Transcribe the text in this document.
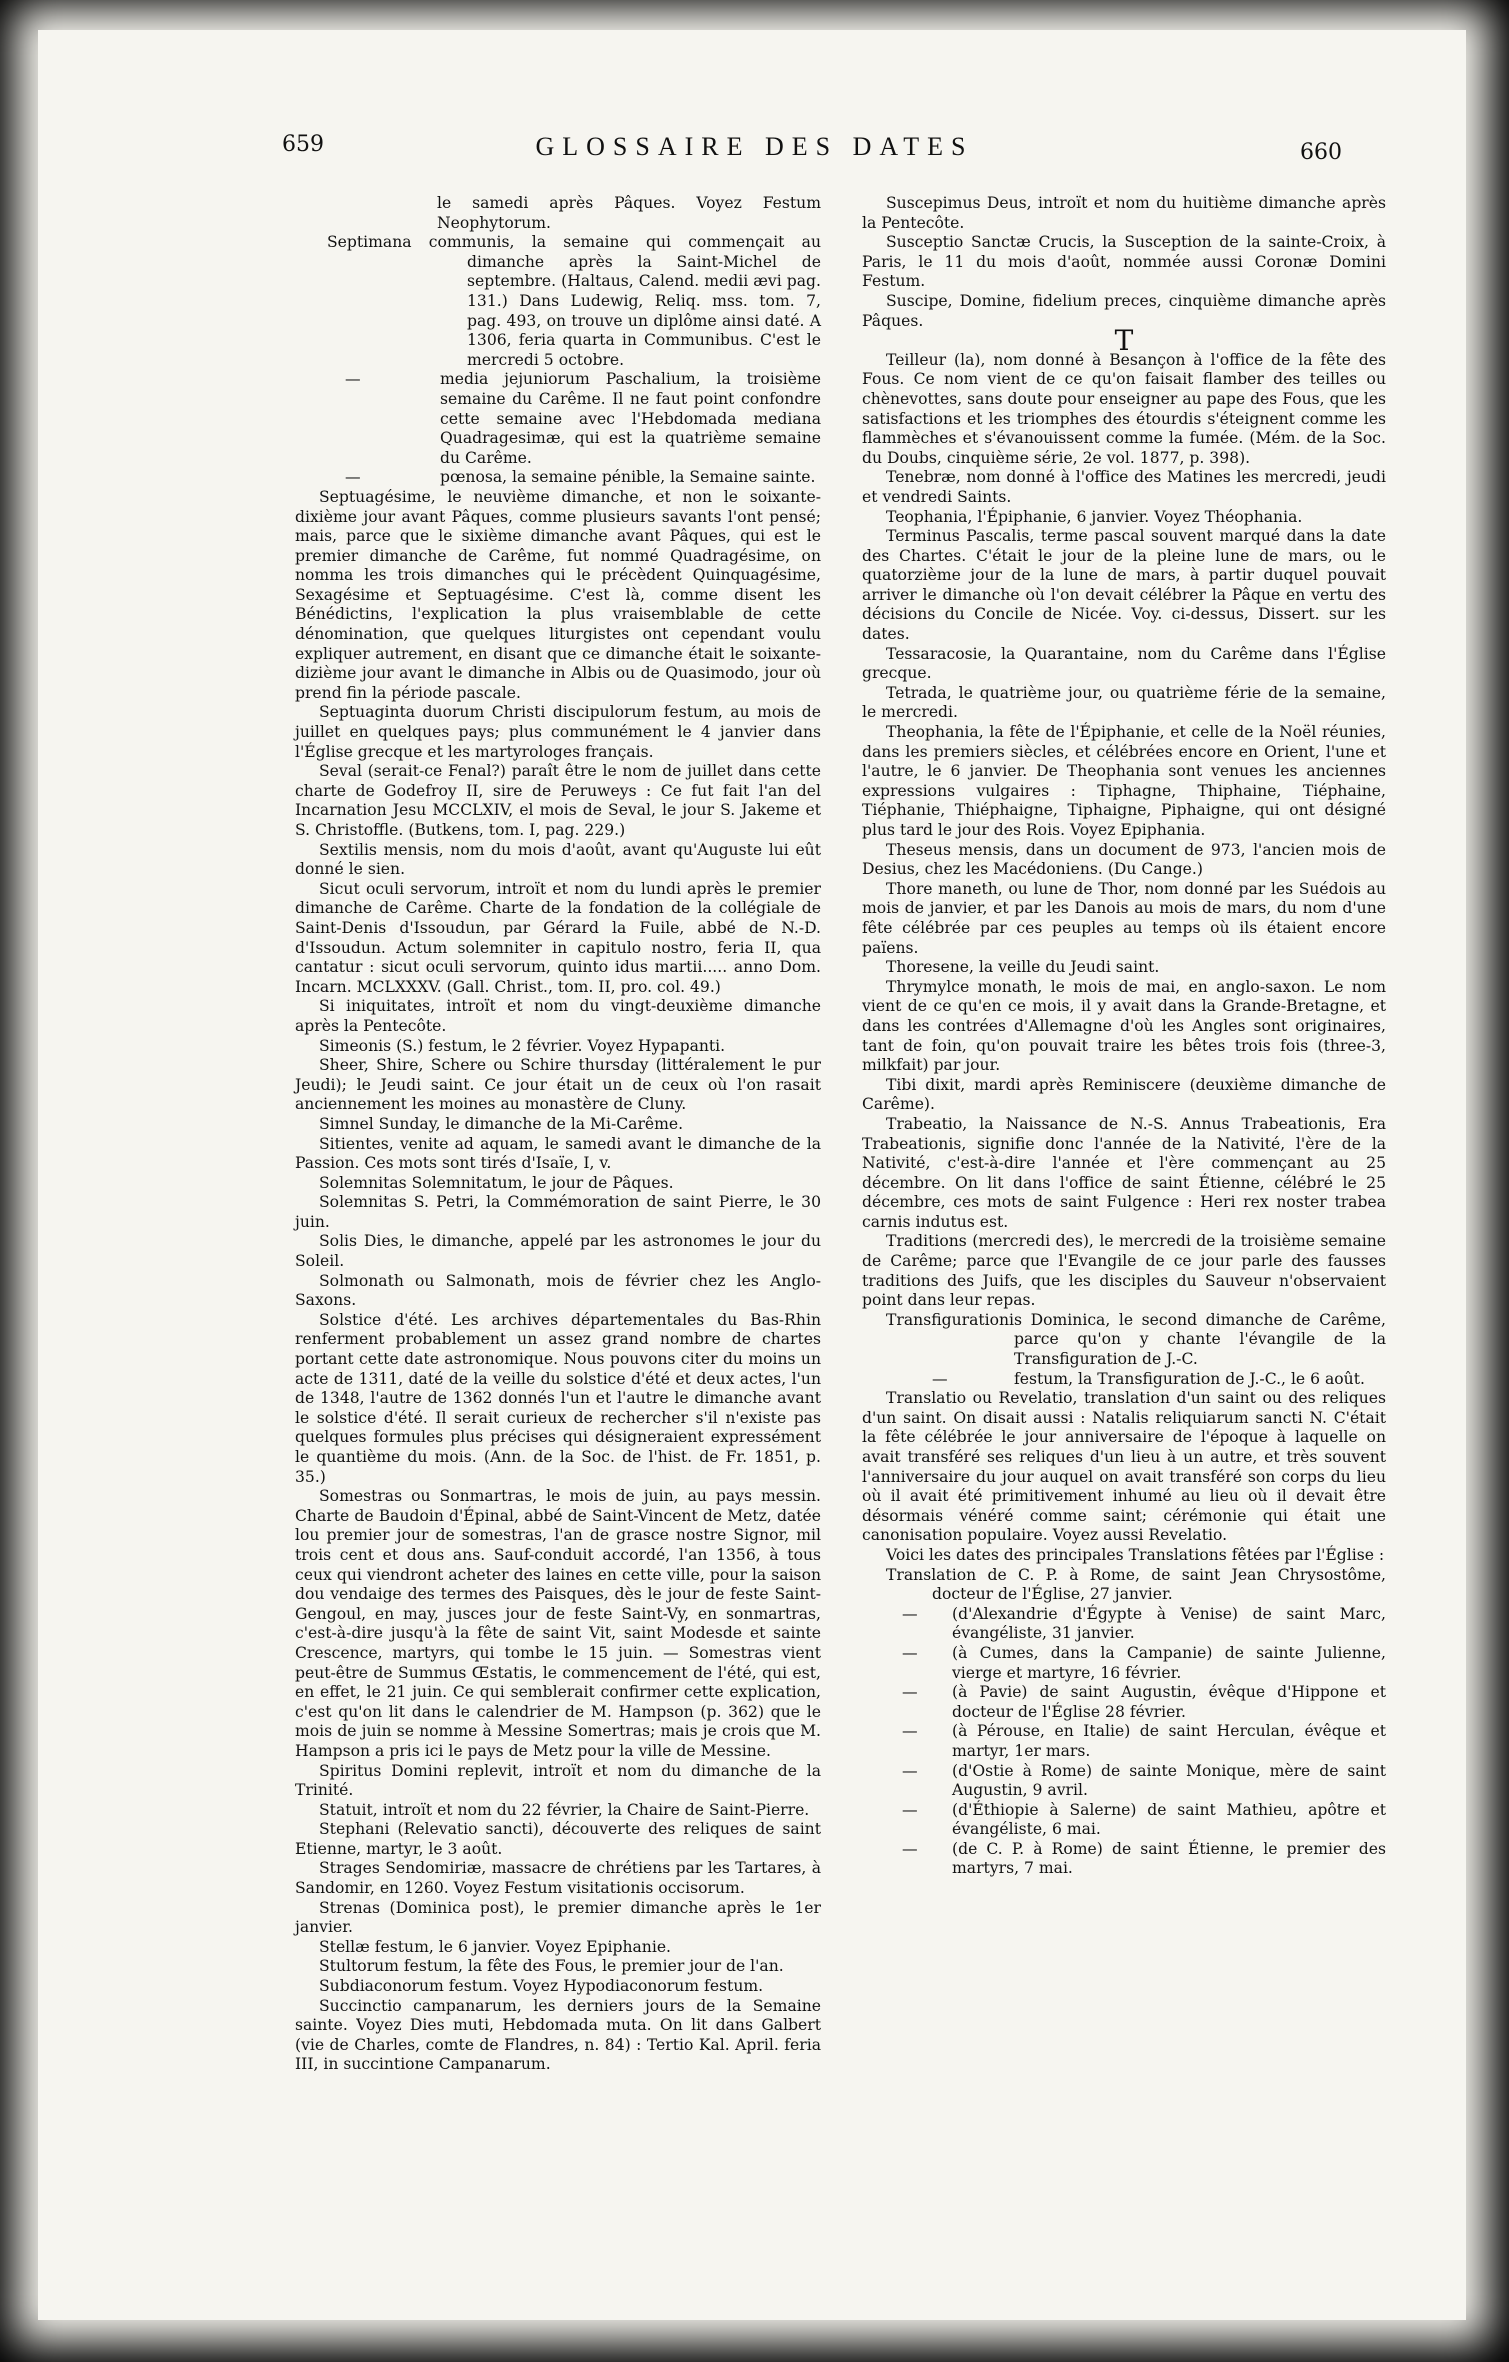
659	GLOSSAIRE DES DATES	660

le samedi après Pâques. Voyez Festum Neophytorum.

Septimana communis, la semaine qui commençait au dimanche après la Saint-Michel de septembre. (Haltaus, Calend. medii ævi pag. 131.) Dans Ludewig, Reliq. mss. tom. 7, pag. 493, on trouve un diplôme ainsi daté. A 1306, feria quarta in Communibus. C'est le mercredi 5 octobre.

—	media jejuniorum Paschalium, la troisième semaine du Carême. Il ne faut point confondre cette semaine avec l'Hebdomada mediana Quadragesimæ, qui est la quatrième semaine du Carême.

—	pœnosa, la semaine pénible, la Semaine sainte.

Septuagésime, le neuvième dimanche, et non le soixante-dixième jour avant Pâques, comme plusieurs savants l'ont pensé; mais, parce que le sixième dimanche avant Pâques, qui est le premier dimanche de Carême, fut nommé Quadragésime, on nomma les trois dimanches qui le précèdent Quinquagésime, Sexagésime et Septuagésime. C'est là, comme disent les Bénédictins, l'explication la plus vraisemblable de cette dénomination, que quelques liturgistes ont cependant voulu expliquer autrement, en disant que ce dimanche était le soixante-dizième jour avant le dimanche in Albis ou de Quasimodo, jour où prend fin la période pascale.

Septuaginta duorum Christi discipulorum festum, au mois de juillet en quelques pays; plus communément le 4 janvier dans l'Église grecque et les martyrologes français.

Seval (serait-ce Fenal?) paraît être le nom de juillet dans cette charte de Godefroy II, sire de Peruweys : Ce fut fait l'an del Incarnation Jesu MCCLXIV, el mois de Seval, le jour S. Jakeme et S. Christoffle. (Butkens, tom. I, pag. 229.)

Sextilis mensis, nom du mois d'août, avant qu'Auguste lui eût donné le sien.

Sicut oculi servorum, introït et nom du lundi après le premier dimanche de Carême. Charte de la fondation de la collégiale de Saint-Denis d'Issoudun, par Gérard la Fuile, abbé de N.-D. d'Issoudun. Actum solemniter in capitulo nostro, feria II, qua cantatur : sicut oculi servorum, quinto idus martii..... anno Dom. Incarn. MCLXXXV. (Gall. Christ., tom. II, pro. col. 49.)

Si iniquitates, introït et nom du vingt-deuxième dimanche après la Pentecôte.

Simeonis (S.) festum, le 2 février. Voyez Hypapanti.

Sheer, Shire, Schere ou Schire thursday (littéralement le pur Jeudi); le Jeudi saint. Ce jour était un de ceux où l'on rasait anciennement les moines au monastère de Cluny.

Simnel Sunday, le dimanche de la Mi-Carême.

Sitientes, venite ad aquam, le samedi avant le dimanche de la Passion. Ces mots sont tirés d'Isaïe, I, v.

Solemnitas Solemnitatum, le jour de Pâques.

Solemnitas S. Petri, la Commémoration de saint Pierre, le 30 juin.

Solis Dies, le dimanche, appelé par les astronomes le jour du Soleil.

Solmonath ou Salmonath, mois de février chez les Anglo-Saxons.

Solstice d'été. Les archives départementales du Bas-Rhin renferment probablement un assez grand nombre de chartes portant cette date astronomique. Nous pouvons citer du moins un acte de 1311, daté de la veille du solstice d'été et deux actes, l'un de 1348, l'autre de 1362 donnés l'un et l'autre le dimanche avant le solstice d'été. Il serait curieux de rechercher s'il n'existe pas quelques formules plus précises qui désigneraient expressément le quantième du mois. (Ann. de la Soc. de l'hist. de Fr. 1851, p. 35.)

Somestras ou Sonmartras, le mois de juin, au pays messin. Charte de Baudoin d'Épinal, abbé de Saint-Vincent de Metz, datée lou premier jour de somestras, l'an de grasce nostre Signor, mil trois cent et dous ans. Sauf-conduit accordé, l'an 1356, à tous ceux qui viendront acheter des laines en cette ville, pour la saison dou vendaige des termes des Paisques, dès le jour de feste Saint-Gengoul, en may, jusces jour de feste Saint-Vy, en sonmartras, c'est-à-dire jusqu'à la fête de saint Vit, saint Modesde et sainte Crescence, martyrs, qui tombe le 15 juin. — Somestras vient peut-être de Summus Œstatis, le commencement de l'été, qui est, en effet, le 21 juin. Ce qui semblerait confirmer cette explication, c'est qu'on lit dans le calendrier de M. Hampson (p. 362) que le mois de juin se nomme à Messine Somertras; mais je crois que M. Hampson a pris ici le pays de Metz pour la ville de Messine.

Spiritus Domini replevit, introït et nom du dimanche de la Trinité.

Statuit, introït et nom du 22 février, la Chaire de Saint-Pierre.

Stephani (Relevatio sancti), découverte des reliques de saint Etienne, martyr, le 3 août.

Strages Sendomiriæ, massacre de chrétiens par les Tartares, à Sandomir, en 1260. Voyez Festum visitationis occisorum.

Strenas (Dominica post), le premier dimanche après le 1er janvier.

Stellæ festum, le 6 janvier. Voyez Epiphanie.

Stultorum festum, la fête des Fous, le premier jour de l'an.

Subdiaconorum festum. Voyez Hypodiaconorum festum.

Succinctio campanarum, les derniers jours de la Semaine sainte. Voyez Dies muti, Hebdomada muta. On lit dans Galbert (vie de Charles, comte de Flandres, n. 84) : Tertio Kal. April. feria III, in succintione Campanarum.

Suscepimus Deus, introït et nom du huitième dimanche après la Pentecôte.

Susceptio Sanctæ Crucis, la Susception de la sainte-Croix, à Paris, le 11 du mois d'août, nommée aussi Coronæ Domini Festum.

Suscipe, Domine, fidelium preces, cinquième dimanche après Pâques.

T

Teilleur (la), nom donné à Besançon à l'office de la fête des Fous. Ce nom vient de ce qu'on faisait flamber des teilles ou chènevottes, sans doute pour enseigner au pape des Fous, que les satisfactions et les triomphes des étourdis s'éteignent comme les flammèches et s'évanouissent comme la fumée. (Mém. de la Soc. du Doubs, cinquième série, 2e vol. 1877, p. 398).

Tenebræ, nom donné à l'office des Matines les mercredi, jeudi et vendredi Saints.

Teophania, l'Épiphanie, 6 janvier. Voyez Théophania.

Terminus Pascalis, terme pascal souvent marqué dans la date des Chartes. C'était le jour de la pleine lune de mars, ou le quatorzième jour de la lune de mars, à partir duquel pouvait arriver le dimanche où l'on devait célébrer la Pâque en vertu des décisions du Concile de Nicée. Voy. ci-dessus, Dissert. sur les dates.

Tessaracosie, la Quarantaine, nom du Carême dans l'Église grecque.

Tetrada, le quatrième jour, ou quatrième férie de la semaine, le mercredi.

Theophania, la fête de l'Épiphanie, et celle de la Noël réunies, dans les premiers siècles, et célébrées encore en Orient, l'une et l'autre, le 6 janvier. De Theophania sont venues les anciennes expressions vulgaires : Tiphagne, Thiphaine, Tiéphaine, Tiéphanie, Thiéphaigne, Tiphaigne, Piphaigne, qui ont désigné plus tard le jour des Rois. Voyez Epiphania.

Theseus mensis, dans un document de 973, l'ancien mois de Desius, chez les Macédoniens. (Du Cange.)

Thore maneth, ou lune de Thor, nom donné par les Suédois au mois de janvier, et par les Danois au mois de mars, du nom d'une fête célébrée par ces peuples au temps où ils étaient encore païens.

Thoresene, la veille du Jeudi saint.

Thrymylce monath, le mois de mai, en anglo-saxon. Le nom vient de ce qu'en ce mois, il y avait dans la Grande-Bretagne, et dans les contrées d'Allemagne d'où les Angles sont originaires, tant de foin, qu'on pouvait traire les bêtes trois fois (three-3, milkfait) par jour.

Tibi dixit, mardi après Reminiscere (deuxième dimanche de Carême).

Trabeatio, la Naissance de N.-S. Annus Trabeationis, Era Trabeationis, signifie donc l'année de la Nativité, l'ère de la Nativité, c'est-à-dire l'année et l'ère commençant au 25 décembre. On lit dans l'office de saint Étienne, célébré le 25 décembre, ces mots de saint Fulgence : Heri rex noster trabea carnis indutus est.

Traditions (mercredi des), le mercredi de la troisième semaine de Carême; parce que l'Evangile de ce jour parle des fausses traditions des Juifs, que les disciples du Sauveur n'observaient point dans leur repas.

Transfigurationis Dominica, le second dimanche de Carême, parce qu'on y chante l'évangile de la Transfiguration de J.-C.

—	festum, la Transfiguration de J.-C., le 6 août.

Translatio ou Revelatio, translation d'un saint ou des reliques d'un saint. On disait aussi : Natalis reliquiarum sancti N. C'était la fête célébrée le jour anniversaire de l'époque à laquelle on avait transféré ses reliques d'un lieu à un autre, et très souvent l'anniversaire du jour auquel on avait transféré son corps du lieu où il avait été primitivement inhumé au lieu où il devait être désormais vénéré comme saint; cérémonie qui était une canonisation populaire. Voyez aussi Revelatio.

Voici les dates des principales Translations fêtées par l'Église :

Translation de C. P. à Rome, de saint Jean Chrysostôme, docteur de l'Église, 27 janvier.

— (d'Alexandrie d'Égypte à Venise) de saint Marc, évangéliste, 31 janvier.

— (à Cumes, dans la Campanie) de sainte Julienne, vierge et martyre, 16 février.

— (à Pavie) de saint Augustin, évêque d'Hippone et docteur de l'Église 28 février.

— (à Pérouse, en Italie) de saint Herculan, évêque et martyr, 1er mars.

— (d'Ostie à Rome) de sainte Monique, mère de saint Augustin, 9 avril.

— (d'Éthiopie à Salerne) de saint Mathieu, apôtre et évangéliste, 6 mai.

— (de C. P. à Rome) de saint Étienne, le premier des martyrs, 7 mai.
